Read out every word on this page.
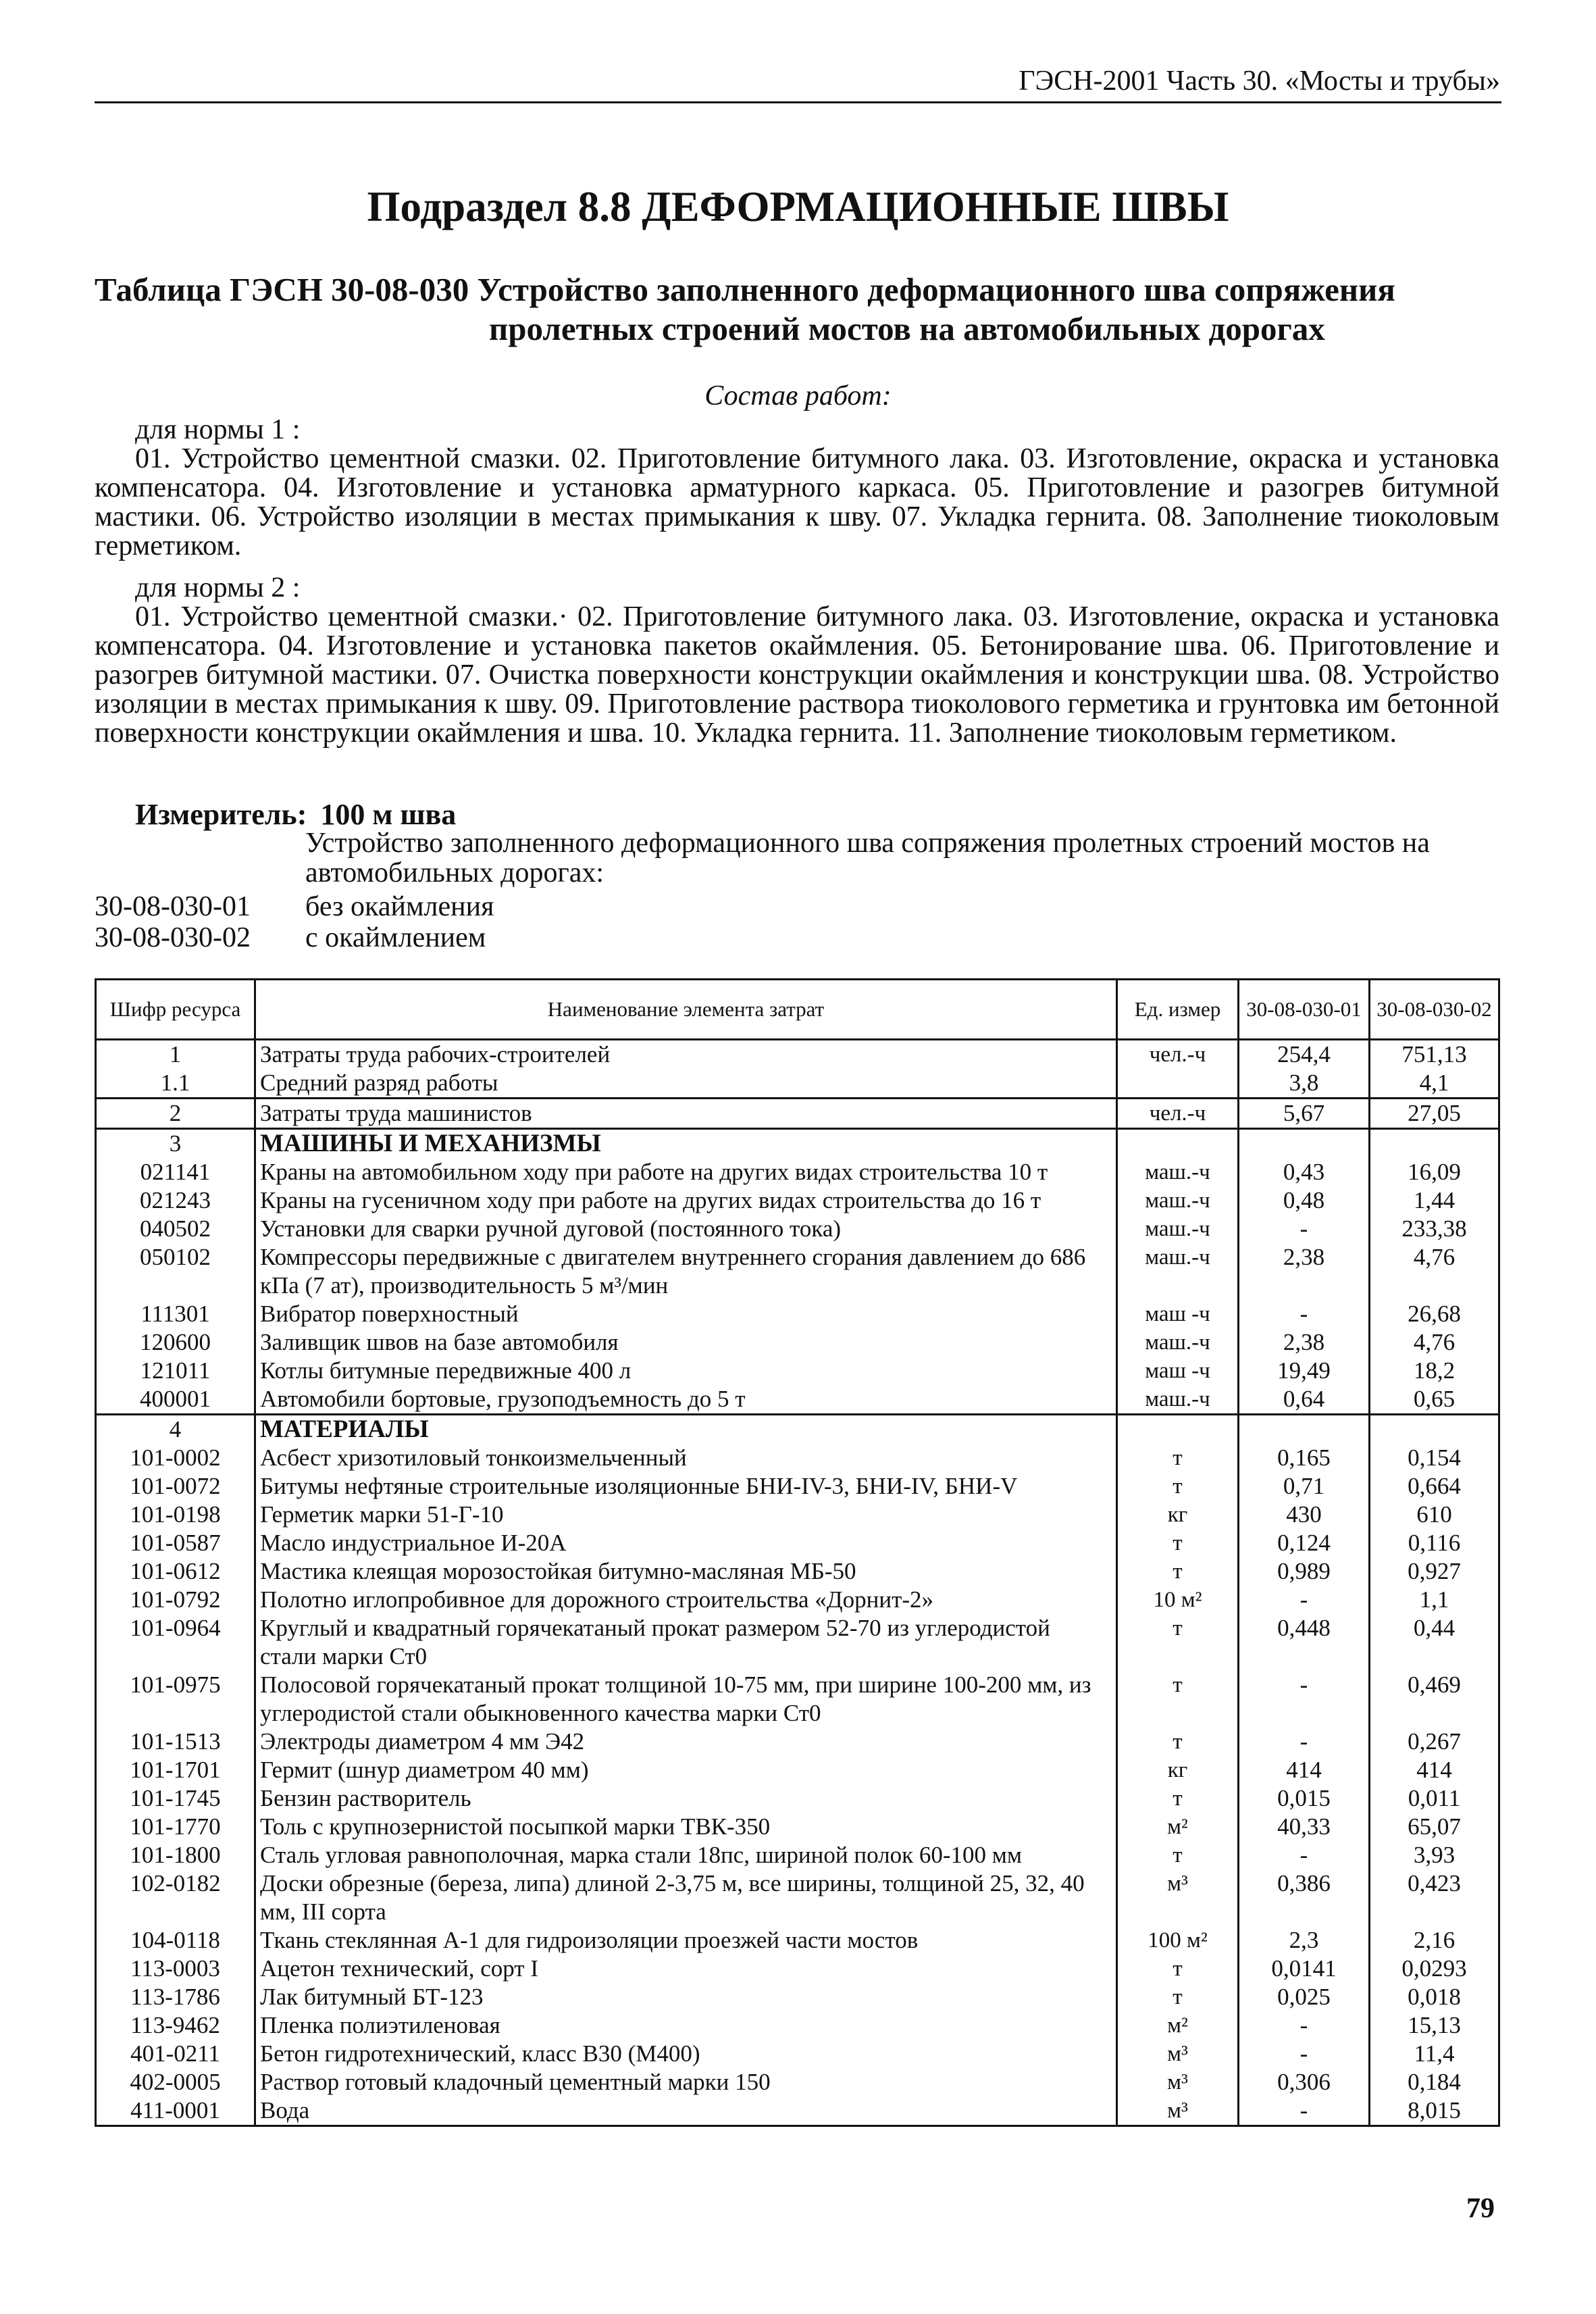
ГЭСН-2001 Часть 30. «Мосты и трубы»
Подраздел 8.8 ДЕФОРМАЦИОННЫЕ ШВЫ
Таблица ГЭСН 30-08-030 Устройство заполненного деформационного шва сопряжения
пролетных строений мостов на автомобильных дорогах
Состав работ:
для нормы 1 :
01. Устройство цементной смазки. 02. Приготовление битумного лака. 03. Изготовление, окраска и установка компенсатора. 04. Изготовление и установка арматурного каркаса. 05. Приготовление и разогрев битумной мастики. 06. Устройство изоляции в местах примыкания к шву. 07. Укладка гернита. 08. Заполнение тиоколовым герметиком.
для нормы 2 :
01. Устройство цементной смазки.· 02. Приготовление битумного лака. 03. Изготовление, окраска и установка компенсатора. 04. Изготовление и установка пакетов окаймления. 05. Бетонирование шва. 06. Приготовление и разогрев битумной мастики. 07. Очистка поверхности конструкции окаймления и конструкции шва. 08. Устройство изоляции в местах примыкания к шву. 09. Приготовление раствора тиоколового герметика и грунтовка им бетонной поверхности конструкции окаймления и шва. 10. Укладка гернита. 11. Заполнение тиоколовым герметиком.
Измеритель: 100 м шва
Устройство заполненного деформационного шва сопряжения пролетных строений мостов на автомобильных дорогах:
30-08-030-01 без окаймления
30-08-030-02 с окаймлением
Шифр ресурса	Наименование элемента затрат	Ед. измер	30-08-030-01	30-08-030-02
1	Затраты труда рабочих-строителей	чел.-ч	254,4	751,13
1.1	Средний разряд работы		3,8	4,1
2	Затраты труда машинистов	чел.-ч	5,67	27,05
3	МАШИНЫ И МЕХАНИЗМЫ			
021141	Краны на автомобильном ходу при работе на других видах строительства 10 т	маш.-ч	0,43	16,09
021243	Краны на гусеничном ходу при работе на других видах строительства до 16 т	маш.-ч	0,48	1,44
040502	Установки для сварки ручной дуговой (постоянного тока)	маш.-ч	-	233,38
050102	Компрессоры передвижные с двигателем внутреннего сгорания давлением до 686 кПа (7 ат), производительность 5 м³/мин	маш.-ч	2,38	4,76
111301	Вибратор поверхностный	маш -ч	-	26,68
120600	Заливщик швов на базе автомобиля	маш.-ч	2,38	4,76
121011	Котлы битумные передвижные 400 л	маш -ч	19,49	18,2
400001	Автомобили бортовые, грузоподъемность до 5 т	маш.-ч	0,64	0,65
4	МАТЕРИАЛЫ			
101-0002	Асбест хризотиловый тонкоизмельченный	т	0,165	0,154
101-0072	Битумы нефтяные строительные изоляционные БНИ-IV-3, БНИ-IV, БНИ-V	т	0,71	0,664
101-0198	Герметик марки 51-Г-10	кг	430	610
101-0587	Масло индустриальное И-20А	т	0,124	0,116
101-0612	Мастика клеящая морозостойкая битумно-масляная МБ-50	т	0,989	0,927
101-0792	Полотно иглопробивное для дорожного строительства «Дорнит-2»	10 м²	-	1,1
101-0964	Круглый и квадратный горячекатаный прокат размером 52-70 из углеродистой стали марки Ст0	т	0,448	0,44
101-0975	Полосовой горячекатаный прокат толщиной 10-75 мм, при ширине 100-200 мм, из углеродистой стали обыкновенного качества марки Ст0	т	-	0,469
101-1513	Электроды диаметром 4 мм Э42	т	-	0,267
101-1701	Гермит (шнур диаметром 40 мм)	кг	414	414
101-1745	Бензин растворитель	т	0,015	0,011
101-1770	Толь с крупнозернистой посыпкой марки ТВК-350	м²	40,33	65,07
101-1800	Сталь угловая равнополочная, марка стали 18пс, шириной полок 60-100 мм	т	-	3,93
102-0182	Доски обрезные (береза, липа) длиной 2-3,75 м, все ширины, толщиной 25, 32, 40 мм, III сорта	м³	0,386	0,423
104-0118	Ткань стеклянная А-1 для гидроизоляции проезжей части мостов	100 м²	2,3	2,16
113-0003	Ацетон технический, сорт I	т	0,0141	0,0293
113-1786	Лак битумный БТ-123	т	0,025	0,018
113-9462	Пленка полиэтиленовая	м²	-	15,13
401-0211	Бетон гидротехнический, класс В30 (М400)	м³	-	11,4
402-0005	Раствор готовый кладочный цементный марки 150	м³	0,306	0,184
411-0001	Вода	м³	-	8,015
79
